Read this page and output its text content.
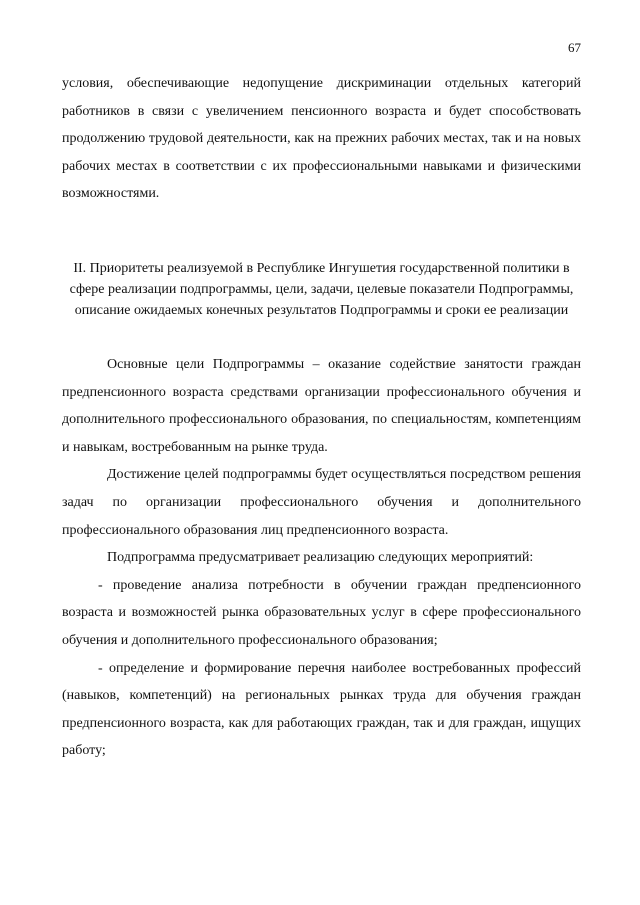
67

условия, обеспечивающие недопущение дискриминации отдельных категорий работников в связи с увеличением пенсионного возраста и будет способствовать продолжению трудовой деятельности, как на прежних рабочих местах, так и на новых рабочих местах в соответствии с их профессиональными навыками и физическими возможностями.

II. Приоритеты реализуемой в Республике Ингушетия государственной политики в сфере реализации подпрограммы, цели, задачи, целевые показатели Подпрограммы, описание ожидаемых конечных результатов Подпрограммы и сроки ее реализации

Основные цели Подпрограммы – оказание содействие занятости граждан предпенсионного возраста средствами организации профессионального обучения и дополнительного профессионального образования, по специальностям, компетенциям и навыкам, востребованным на рынке труда.

Достижение целей подпрограммы будет осуществляться посредством решения задач по организации профессионального обучения и дополнительного профессионального образования лиц предпенсионного возраста.

Подпрограмма предусматривает реализацию следующих мероприятий:

- проведение анализа потребности в обучении граждан предпенсионного возраста и возможностей рынка образовательных услуг в сфере профессионального обучения и дополнительного профессионального образования;

- определение и формирование перечня наиболее востребованных профессий (навыков, компетенций) на региональных рынках труда для обучения граждан предпенсионного возраста, как для работающих граждан, так и для граждан, ищущих работу;
